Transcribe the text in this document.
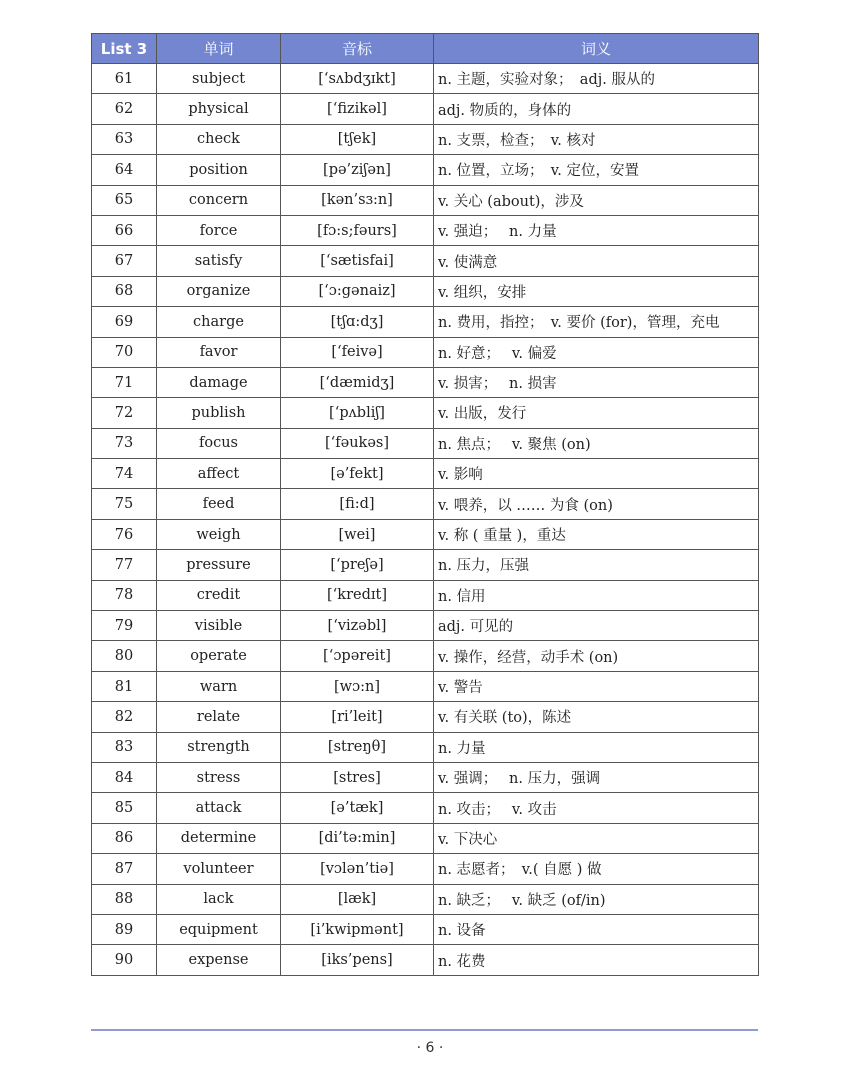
List 3	单词	音标	词义
61	subject	[‘sʌbdʒɪkt]	n. 主题，实验对象；　adj. 服从的
62	physical	[‘fizikəl]	adj. 物质的，身体的
63	check	[tʃek]	n. 支票，检查；　v. 核对
64	position	[pə’ziʃən]	n. 位置，立场；　v. 定位，安置
65	concern	[kən’sɜ:n]	v. 关心 (about)，涉及
66	force	[fɔ:s;fəurs]	v. 强迫；　 n. 力量
67	satisfy	[‘sætisfai]	v. 使满意
68	organize	[‘ɔ:gənaiz]	v. 组织，安排
69	charge	[tʃɑ:dʒ]	n. 费用，指控；　v. 要价 (for)，管理，充电
70	favor	[‘feivə]	n. 好意；　 v. 偏爱
71	damage	[‘dæmidʒ]	v. 损害；　 n. 损害
72	publish	[‘pʌbliʃ]	v. 出版，发行
73	focus	[‘fəukəs]	n. 焦点；　 v. 聚焦 (on)
74	affect	[ə’fekt]	v. 影响
75	feed	[fi:d]	v. 喂养，以 …… 为食 (on)
76	weigh	[wei]	v. 称 ( 重量 )，重达
77	pressure	[‘preʃə]	n. 压力，压强
78	credit	[‘kredɪt]	n. 信用
79	visible	[‘vizəbl]	adj. 可见的
80	operate	[‘ɔpəreit]	v. 操作，经营，动手术 (on)
81	warn	[wɔ:n]	v. 警告
82	relate	[ri’leit]	v. 有关联 (to)，陈述
83	strength	[streŋθ]	n. 力量
84	stress	[stres]	v. 强调；　 n. 压力，强调
85	attack	[ə’tæk]	n. 攻击；　 v. 攻击
86	determine	[di’tə:min]	v. 下决心
87	volunteer	[vɔlən’tiə]	n. 志愿者；　v.( 自愿 ) 做
88	lack	[læk]	n. 缺乏；　 v. 缺乏 (of/in)
89	equipment	[i’kwipmənt]	n. 设备
90	expense	[iks’pens]	n. 花费
· 6 ·
